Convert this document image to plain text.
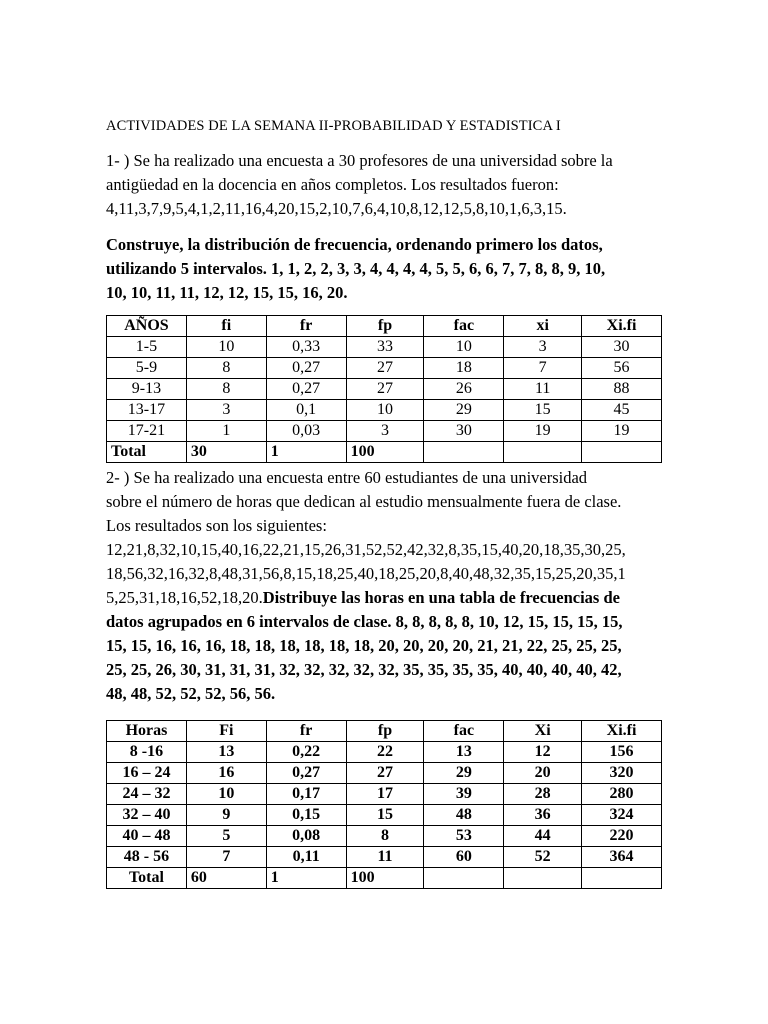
ACTIVIDADES DE LA SEMANA II-PROBABILIDAD Y ESTADISTICA I
1- ) Se ha realizado una encuesta a 30 profesores de una universidad sobre la
antigüedad en la docencia en años completos. Los resultados fueron:
4,11,3,7,9,5,4,1,2,11,16,4,20,15,2,10,7,6,4,10,8,12,12,5,8,10,1,6,3,15.
Construye, la distribución de frecuencia, ordenando primero los datos,
utilizando 5 intervalos. 1, 1, 2, 2, 3, 3, 4, 4, 4, 4, 5, 5, 6, 6, 7, 7, 8, 8, 9, 10,
10, 10, 11, 11, 12, 12, 15, 15, 16, 20.
AÑOS	fi	fr	fp	fac	xi	Xi.fi
1-5	10	0,33	33	10	3	30
5-9	8	0,27	27	18	7	56
9-13	8	0,27	27	26	11	88
13-17	3	0,1	10	29	15	45
17-21	1	0,03	3	30	19	19
Total	30	1	100			
2- ) Se ha realizado una encuesta entre 60 estudiantes de una universidad
sobre el número de horas que dedican al estudio mensualmente fuera de clase.
Los resultados son los siguientes:
12,21,8,32,10,15,40,16,22,21,15,26,31,52,52,42,32,8,35,15,40,20,18,35,30,25,
18,56,32,16,32,8,48,31,56,8,15,18,25,40,18,25,20,8,40,48,32,35,15,25,20,35,1
5,25,31,18,16,52,18,20.Distribuye las horas en una tabla de frecuencias de
datos agrupados en 6 intervalos de clase. 8, 8, 8, 8, 8, 10, 12, 15, 15, 15, 15,
15, 15, 16, 16, 16, 18, 18, 18, 18, 18, 18, 20, 20, 20, 20, 21, 21, 22, 25, 25, 25,
25, 25, 26, 30, 31, 31, 31, 32, 32, 32, 32, 32, 35, 35, 35, 35, 40, 40, 40, 40, 42,
48, 48, 52, 52, 52, 56, 56.
Horas	Fi	fr	fp	fac	Xi	Xi.fi
8 -16	13	0,22	22	13	12	156
16 – 24	16	0,27	27	29	20	320
24 – 32	10	0,17	17	39	28	280
32 – 40	9	0,15	15	48	36	324
40 – 48	5	0,08	8	53	44	220
48 - 56	7	0,11	11	60	52	364
Total	60	1	100			
